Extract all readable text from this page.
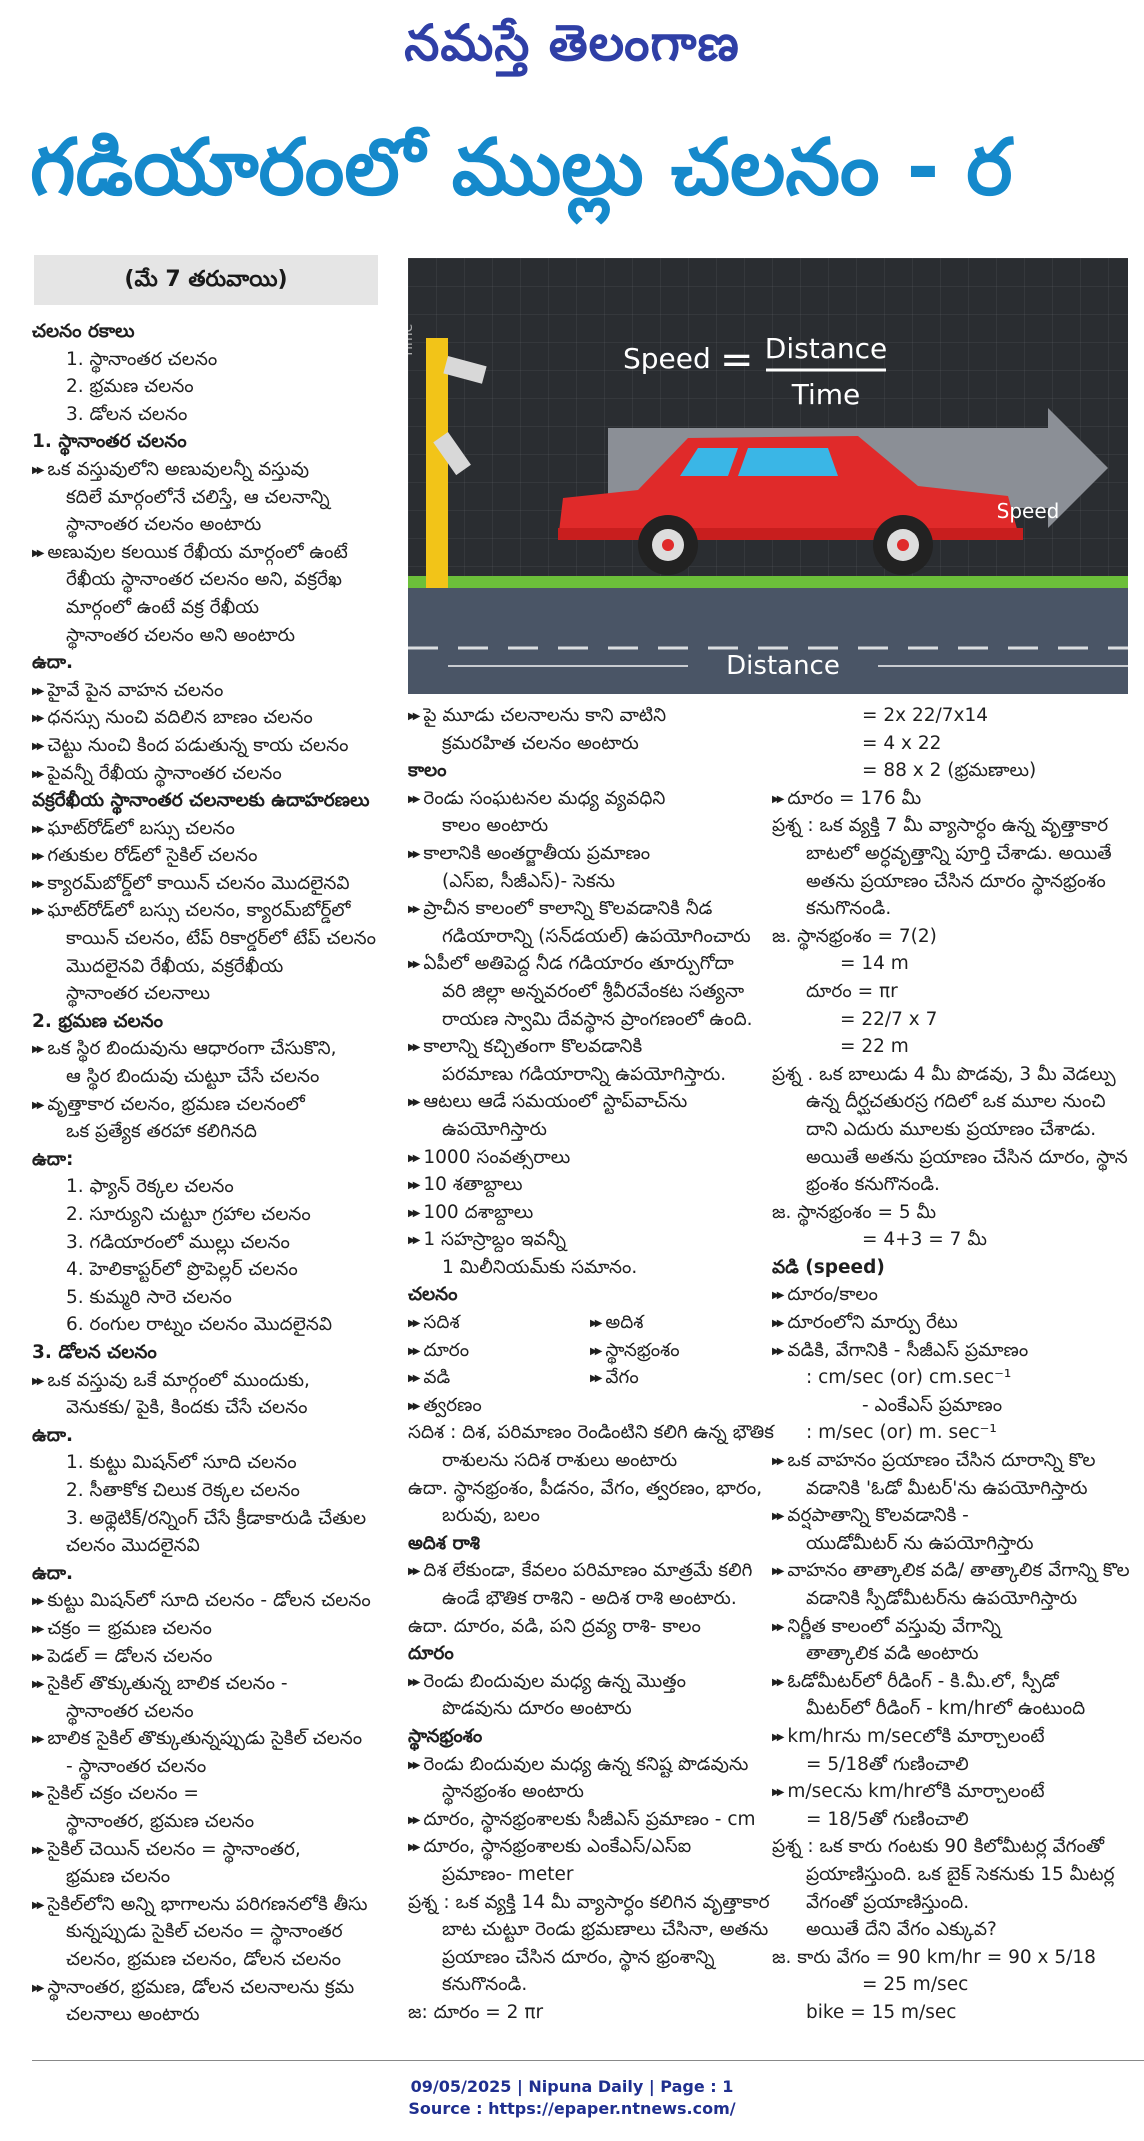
నమస్తే తెలంగాణ
గడియారంలో ముల్లు చలనం - ర
(మే 7 తరువాయి)
Speed = Distance
Time
Speed
Distance
Time
చలనం రకాలు
1. స్థానాంతర చలనం
2. భ్రమణ చలనం
3. డోలన చలనం
1. స్థానాంతర చలనం
▶▶ ఒక వస్తువులోని అణువులన్నీ వస్తువు
కదిలే మార్గంలోనే చలిస్తే, ఆ చలనాన్ని
స్థానాంతర చలనం అంటారు
▶▶ అణువుల కలయిక రేఖీయ మార్గంలో ఉంటే
రేఖీయ స్థానాంతర చలనం అని, వక్రరేఖ
మార్గంలో ఉంటే వక్ర రేఖీయ
స్థానాంతర చలనం అని అంటారు
ఉదా.
▶▶ హైవే పైన వాహన చలనం
▶▶ ధనస్సు నుంచి వదిలిన బాణం చలనం
▶▶ చెట్టు నుంచి కింద పడుతున్న కాయ చలనం
▶▶ పైవన్నీ రేఖీయ స్థానాంతర చలనం
వక్రరేఖీయ స్థానాంతర చలనాలకు ఉదాహరణలు
▶▶ ఘాట్‌రోడ్‌లో బస్సు చలనం
▶▶ గతుకుల రోడ్‌లో సైకిల్ చలనం
▶▶ క్యారమ్‌బోర్డ్‌లో కాయిన్ చలనం మొదలైనవి
▶▶ ఘాట్‌రోడ్‌లో బస్సు చలనం, క్యారమ్‌బోర్డ్‌లో
కాయిన్ చలనం, టేప్ రికార్డర్‌లో టేప్ చలనం
మొదలైనవి రేఖీయ, వక్రరేఖీయ
స్థానాంతర చలనాలు
2. భ్రమణ చలనం
▶▶ ఒక స్థిర బిందువును ఆధారంగా చేసుకొని,
ఆ స్థిర బిందువు చుట్టూ చేసే చలనం
▶▶ వృత్తాకార చలనం, భ్రమణ చలనంలో
ఒక ప్రత్యేక తరహా కలిగినది
ఉదా:
1. ఫ్యాన్ రెక్కల చలనం
2. సూర్యుని చుట్టూ గ్రహాల చలనం
3. గడియారంలో ముల్లు చలనం
4. హెలికాప్టర్‌లో ప్రొపెల్లర్ చలనం
5. కుమ్మరి సారె చలనం
6. రంగుల రాట్నం చలనం మొదలైనవి
3. డోలన చలనం
▶▶ ఒక వస్తువు ఒకే మార్గంలో ముందుకు,
వెనుకకు/ పైకి, కిందకు చేసే చలనం
ఉదా.
1. కుట్టు మిషన్‌లో సూది చలనం
2. సీతాకోక చిలుక రెక్కల చలనం
3. అథ్లెటిక్/రన్నింగ్ చేసే క్రీడాకారుడి చేతుల
చలనం మొదలైనవి
ఉదా.
▶▶ కుట్టు మిషన్‌లో సూది చలనం - డోలన చలనం
▶▶ చక్రం = భ్రమణ చలనం
▶▶ పెడల్ = డోలన చలనం
▶▶ సైకిల్ తొక్కుతున్న బాలిక చలనం -
స్థానాంతర చలనం
▶▶ బాలిక సైకిల్ తొక్కుతున్నప్పుడు సైకిల్ చలనం
- స్థానాంతర చలనం
▶▶ సైకిల్ చక్రం చలనం =
స్థానాంతర, భ్రమణ చలనం
▶▶ సైకిల్ చెయిన్ చలనం = స్థానాంతర,
భ్రమణ చలనం
▶▶ సైకిల్‌లోని అన్ని భాగాలను పరిగణనలోకి తీసు
కున్నప్పుడు సైకిల్ చలనం = స్థానాంతర
చలనం, భ్రమణ చలనం, డోలన చలనం
▶▶ స్థానాంతర, భ్రమణ, డోలన చలనాలను క్రమ
చలనాలు అంటారు
▶▶ పై మూడు చలనాలను కాని వాటిని
క్రమరహిత చలనం అంటారు
కాలం
▶▶ రెండు సంఘటనల మధ్య వ్యవధిని
కాలం అంటారు
▶▶ కాలానికి అంతర్జాతీయ ప్రమాణం
(ఎస్ఐ, సీజీఎస్)- సెకను
▶▶ ప్రాచీన కాలంలో కాలాన్ని కొలవడానికి నీడ
గడియారాన్ని (సన్‌డయల్) ఉపయోగించారు
▶▶ ఏపీలో అతిపెద్ద నీడ గడియారం తూర్పుగోదా
వరి జిల్లా అన్నవరంలో శ్రీవీరవేంకట సత్యనా
రాయణ స్వామి దేవస్థాన ప్రాంగణంలో ఉంది.
▶▶ కాలాన్ని కచ్చితంగా కొలవడానికి
పరమాణు గడియారాన్ని ఉపయోగిస్తారు.
▶▶ ఆటలు ఆడే సమయంలో స్టాప్‌వాచ్‌ను
ఉపయోగిస్తారు
▶▶ 1000 సంవత్సరాలు
▶▶ 10 శతాబ్దాలు
▶▶ 100 దశాబ్దాలు
▶▶ 1 సహస్రాబ్దం ఇవన్నీ
1 మిలీనియమ్‌కు సమానం.
చలనం
▶▶ సదిశ	▶▶ అదిశ
▶▶ దూరం	▶▶ స్థానభ్రంశం
▶▶ వడి	▶▶ వేగం
▶▶ త్వరణం
సదిశ : దిశ, పరిమాణం రెండింటిని కలిగి ఉన్న భౌతిక
రాశులను సదిశ రాశులు అంటారు
ఉదా. స్థానభ్రంశం, పీడనం, వేగం, త్వరణం, భారం,
బరువు, బలం
అదిశ రాశి
▶▶ దిశ లేకుండా, కేవలం పరిమాణం మాత్రమే కలిగి
ఉండే భౌతిక రాశిని - అదిశ రాశి అంటారు.
ఉదా. దూరం, వడి, పని ద్రవ్య రాశి- కాలం
దూరం
▶▶ రెండు బిందువుల మధ్య ఉన్న మొత్తం
పొడవును దూరం అంటారు
స్థానభ్రంశం
▶▶ రెండు బిందువుల మధ్య ఉన్న కనిష్ట పొడవును
స్థానభ్రంశం అంటారు
▶▶ దూరం, స్థానభ్రంశాలకు సీజీఎస్ ప్రమాణం - cm
▶▶ దూరం, స్థానభ్రంశాలకు ఎంకేఎస్/ఎస్ఐ
ప్రమాణం- meter
ప్రశ్న : ఒక వ్యక్తి 14 మీ వ్యాసార్ధం కలిగిన వృత్తాకార
బాట చుట్టూ రెండు భ్రమణాలు చేసినా, అతను
ప్రయాణం చేసిన దూరం, స్థాన భ్రంశాన్ని
కనుగొనండి.
జ: దూరం = 2 πr
= 2x 22/7x14
= 4 x 22
= 88 x 2 (భ్రమణాలు)
▶▶ దూరం = 176 మీ
ప్రశ్న : ఒక వ్యక్తి 7 మీ వ్యాసార్ధం ఉన్న వృత్తాకార
బాటలో అర్ధవృత్తాన్ని పూర్తి చేశాడు. అయితే
అతను ప్రయాణం చేసిన దూరం స్థానభ్రంశం
కనుగొనండి.
జ. స్థానభ్రంశం = 7(2)
= 14 m
దూరం = πr
= 22/7 x 7
= 22 m
ప్రశ్న . ఒక బాలుడు 4 మీ పొడవు, 3 మీ వెడల్పు
ఉన్న దీర్ఘచతురస్ర గదిలో ఒక మూల నుంచి
దాని ఎదురు మూలకు ప్రయాణం చేశాడు.
అయితే అతను ప్రయాణం చేసిన దూరం, స్థాన
భ్రంశం కనుగొనండి.
జ. స్థానభ్రంశం = 5 మీ
= 4+3 = 7 మీ
వడి (speed)
▶▶ దూరం/కాలం
▶▶ దూరంలోని మార్పు రేటు
▶▶ వడికి, వేగానికి - సీజీఎస్ ప్రమాణం
: cm/sec (or) cm.sec⁻¹
- ఎంకేఎస్ ప్రమాణం
: m/sec (or) m. sec⁻¹
▶▶ ఒక వాహనం ప్రయాణం చేసిన దూరాన్ని కొల
వడానికి 'ఓడో మీటర్'ను ఉపయోగిస్తారు
▶▶ వర్షపాతాన్ని కొలవడానికి -
యుడోమీటర్ ను ఉపయోగిస్తారు
▶▶ వాహనం తాత్కాలిక వడి/ తాత్కాలిక వేగాన్ని కొల
వడానికి స్పీడోమీటర్‌ను ఉపయోగిస్తారు
▶▶ నిర్ణీత కాలంలో వస్తువు వేగాన్ని
తాత్కాలిక వడి అంటారు
▶▶ ఓడోమీటర్‌లో రీడింగ్ - కి.మీ.లో, స్పీడో
మీటర్‌లో రీడింగ్ - km/hrలో ఉంటుంది
▶▶ km/hrను m/secలోకి మార్చాలంటే
= 5/18తో గుణించాలి
▶▶ m/secను km/hrలోకి మార్చాలంటే
= 18/5తో గుణించాలి
ప్రశ్న : ఒక కారు గంటకు 90 కిలోమీటర్ల వేగంతో
ప్రయాణిస్తుంది. ఒక బైక్ సెకనుకు 15 మీటర్ల
వేగంతో ప్రయాణిస్తుంది.
అయితే దేని వేగం ఎక్కువ?
జ. కారు వేగం = 90 km/hr = 90 x 5/18
= 25 m/sec
bike = 15 m/sec
09/05/2025 | Nipuna Daily | Page : 1
Source : https://epaper.ntnews.com/
